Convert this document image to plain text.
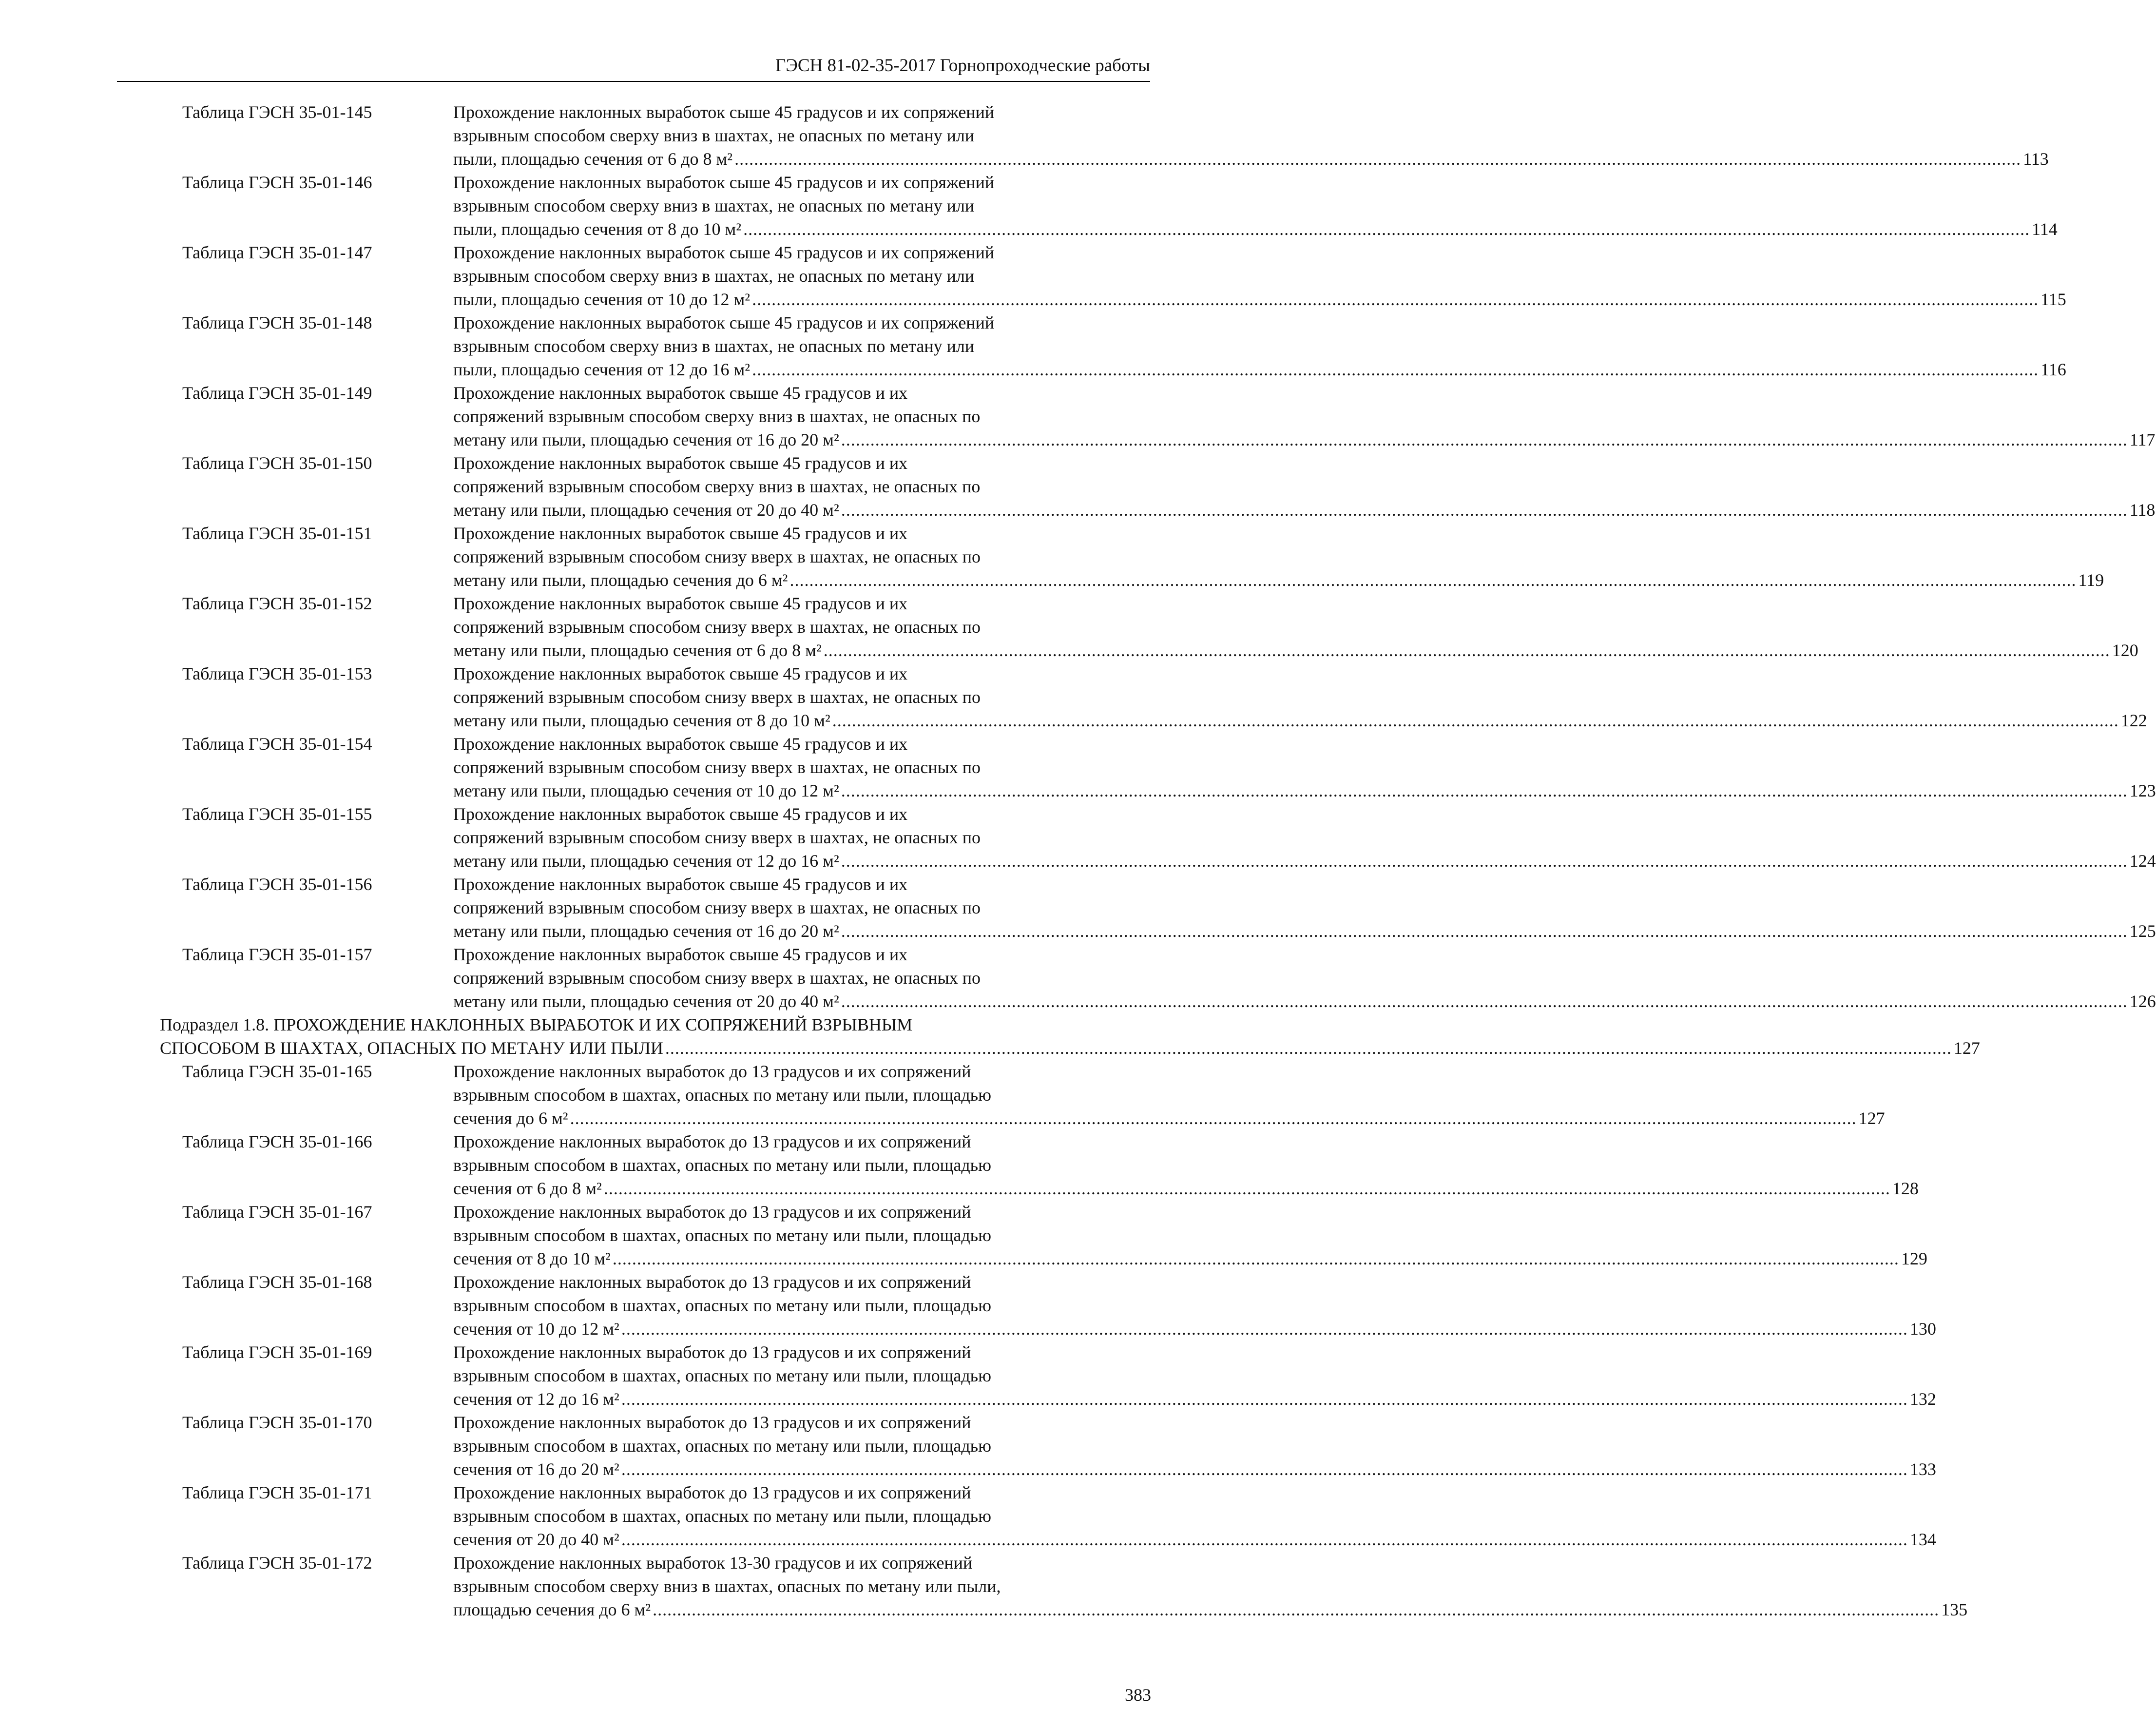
ГЭСН 81-02-35-2017 Горнопроходческие работы
Таблица ГЭСН 35-01-145	Прохождение наклонных выработок сыше 45 градусов и их сопряжений
взрывным способом сверху вниз в шахтах, не опасных по метану или
пыли, площадью сечения от 6 до 8 м² ........................................................................................................................................................................................................................................................................ 113
Таблица ГЭСН 35-01-146	Прохождение наклонных выработок сыше 45 градусов и их сопряжений
взрывным способом сверху вниз в шахтах, не опасных по метану или
пыли, площадью сечения от 8 до 10 м² ........................................................................................................................................................................................................................................................................ 114
Таблица ГЭСН 35-01-147	Прохождение наклонных выработок сыше 45 градусов и их сопряжений
взрывным способом сверху вниз в шахтах, не опасных по метану или
пыли, площадью сечения от 10 до 12 м² ........................................................................................................................................................................................................................................................................ 115
Таблица ГЭСН 35-01-148	Прохождение наклонных выработок сыше 45 градусов и их сопряжений
взрывным способом сверху вниз в шахтах, не опасных по метану или
пыли, площадью сечения от 12 до 16 м² ........................................................................................................................................................................................................................................................................ 116
Таблица ГЭСН 35-01-149	Прохождение наклонных выработок свыше 45 градусов и их
сопряжений взрывным способом сверху вниз в шахтах, не опасных по
метану или пыли, площадью сечения от 16 до 20 м² ........................................................................................................................................................................................................................................................................ 117
Таблица ГЭСН 35-01-150	Прохождение наклонных выработок свыше 45 градусов и их
сопряжений взрывным способом сверху вниз в шахтах, не опасных по
метану или пыли, площадью сечения от 20 до 40 м² ........................................................................................................................................................................................................................................................................ 118
Таблица ГЭСН 35-01-151	Прохождение наклонных выработок свыше 45 градусов и их
сопряжений взрывным способом снизу вверх в шахтах, не опасных по
метану или пыли, площадью сечения до 6 м² ........................................................................................................................................................................................................................................................................ 119
Таблица ГЭСН 35-01-152	Прохождение наклонных выработок свыше 45 градусов и их
сопряжений взрывным способом снизу вверх в шахтах, не опасных по
метану или пыли, площадью сечения от 6 до 8 м² ........................................................................................................................................................................................................................................................................ 120
Таблица ГЭСН 35-01-153	Прохождение наклонных выработок свыше 45 градусов и их
сопряжений взрывным способом снизу вверх в шахтах, не опасных по
метану или пыли, площадью сечения от 8 до 10 м² ........................................................................................................................................................................................................................................................................ 122
Таблица ГЭСН 35-01-154	Прохождение наклонных выработок свыше 45 градусов и их
сопряжений взрывным способом снизу вверх в шахтах, не опасных по
метану или пыли, площадью сечения от 10 до 12 м² ........................................................................................................................................................................................................................................................................ 123
Таблица ГЭСН 35-01-155	Прохождение наклонных выработок свыше 45 градусов и их
сопряжений взрывным способом снизу вверх в шахтах, не опасных по
метану или пыли, площадью сечения от 12 до 16 м² ........................................................................................................................................................................................................................................................................ 124
Таблица ГЭСН 35-01-156	Прохождение наклонных выработок свыше 45 градусов и их
сопряжений взрывным способом снизу вверх в шахтах, не опасных по
метану или пыли, площадью сечения от 16 до 20 м² ........................................................................................................................................................................................................................................................................ 125
Таблица ГЭСН 35-01-157	Прохождение наклонных выработок свыше 45 градусов и их
сопряжений взрывным способом снизу вверх в шахтах, не опасных по
метану или пыли, площадью сечения от 20 до 40 м² ........................................................................................................................................................................................................................................................................ 126
Подраздел 1.8. ПРОХОЖДЕНИЕ НАКЛОННЫХ ВЫРАБОТОК И ИХ СОПРЯЖЕНИЙ ВЗРЫВНЫМ
СПОСОБОМ В ШАХТАХ, ОПАСНЫХ ПО МЕТАНУ ИЛИ ПЫЛИ ........................................................................................................................................................................................................................................................................ 127
Таблица ГЭСН 35-01-165	Прохождение наклонных выработок до 13 градусов и их сопряжений
взрывным способом в шахтах, опасных по метану или пыли, площадью
сечения до 6 м² ........................................................................................................................................................................................................................................................................ 127
Таблица ГЭСН 35-01-166	Прохождение наклонных выработок до 13 градусов и их сопряжений
взрывным способом в шахтах, опасных по метану или пыли, площадью
сечения от 6 до 8 м² ........................................................................................................................................................................................................................................................................ 128
Таблица ГЭСН 35-01-167	Прохождение наклонных выработок до 13 градусов и их сопряжений
взрывным способом в шахтах, опасных по метану или пыли, площадью
сечения от 8 до 10 м² ........................................................................................................................................................................................................................................................................ 129
Таблица ГЭСН 35-01-168	Прохождение наклонных выработок до 13 градусов и их сопряжений
взрывным способом в шахтах, опасных по метану или пыли, площадью
сечения от 10 до 12 м² ........................................................................................................................................................................................................................................................................ 130
Таблица ГЭСН 35-01-169	Прохождение наклонных выработок до 13 градусов и их сопряжений
взрывным способом в шахтах, опасных по метану или пыли, площадью
сечения от 12 до 16 м² ........................................................................................................................................................................................................................................................................ 132
Таблица ГЭСН 35-01-170	Прохождение наклонных выработок до 13 градусов и их сопряжений
взрывным способом в шахтах, опасных по метану или пыли, площадью
сечения от 16 до 20 м² ........................................................................................................................................................................................................................................................................ 133
Таблица ГЭСН 35-01-171	Прохождение наклонных выработок до 13 градусов и их сопряжений
взрывным способом в шахтах, опасных по метану или пыли, площадью
сечения от 20 до 40 м² ........................................................................................................................................................................................................................................................................ 134
Таблица ГЭСН 35-01-172	Прохождение наклонных выработок 13-30 градусов и их сопряжений
взрывным способом сверху вниз в шахтах, опасных по метану или пыли,
площадью сечения до 6 м² ........................................................................................................................................................................................................................................................................ 135
383
